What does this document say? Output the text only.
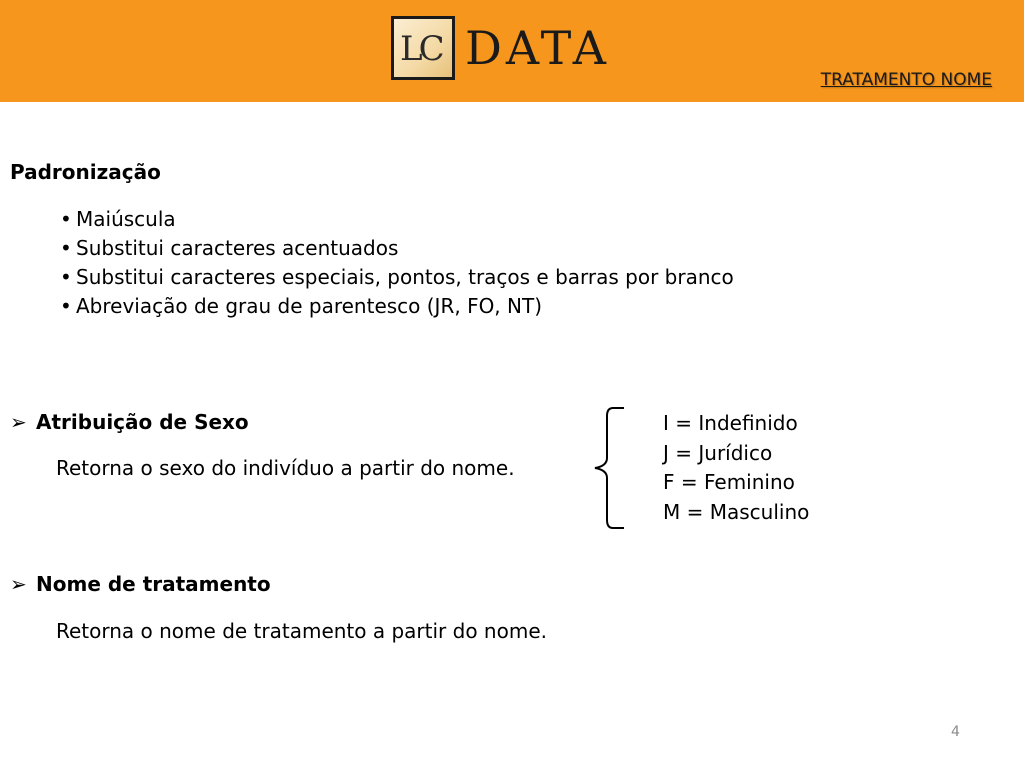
LC DATA
TRATAMENTO NOME
Padronização
• Maiúscula
• Substitui caracteres acentuados
• Substitui caracteres especiais, pontos, traços e barras por branco
• Abreviação de grau de parentesco (JR, FO, NT)
➢ Atribuição de Sexo
Retorna o sexo do indivíduo a partir do nome.
I = Indefinido
J = Jurídico
F = Feminino
M = Masculino
➢ Nome de tratamento
Retorna o nome de tratamento a partir do nome.
4
